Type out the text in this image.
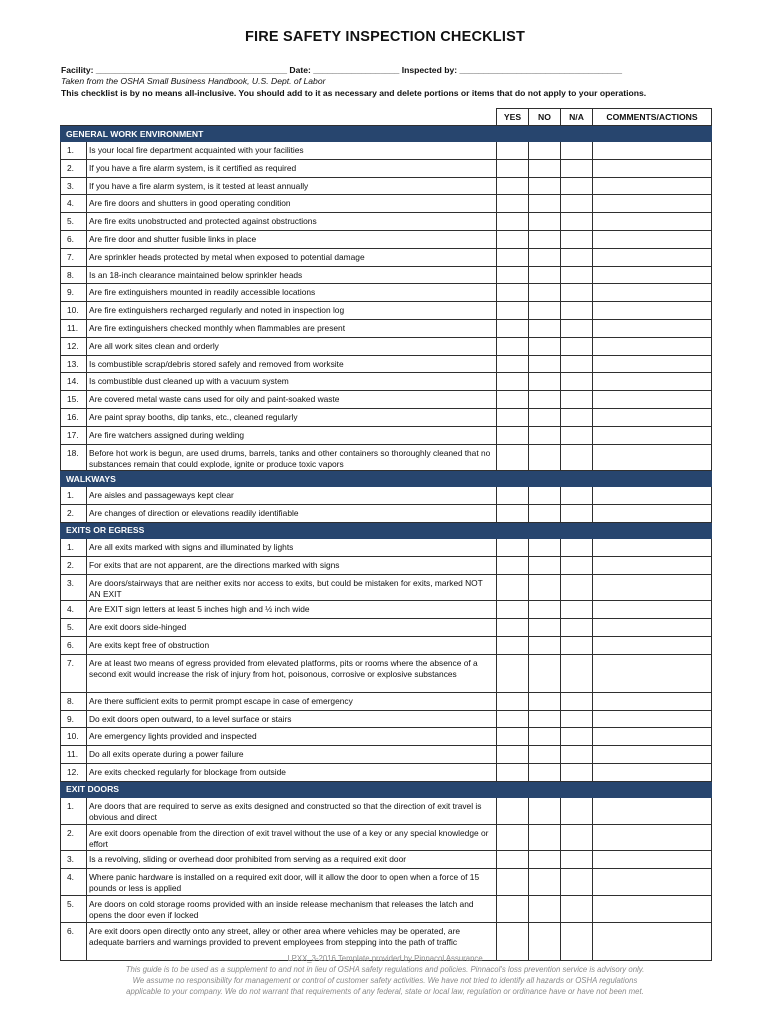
FIRE SAFETY INSPECTION CHECKLIST
Facility: ________________________________________ Date: __________________ Inspected by: __________________________________
Taken from the OSHA Small Business Handbook, U.S. Dept. of Labor
This checklist is by no means all-inclusive. You should add to it as necessary and delete portions or items that do not apply to your operations.
		YES	NO	N/A	COMMENTS/ACTIONS
GENERAL WORK ENVIRONMENT					
1.	Is your local fire department acquainted with your facilities				
2.	If you have a fire alarm system, is it certified as required				
3.	If you have a fire alarm system, is it tested at least annually				
4.	Are fire doors and shutters in good operating condition				
5.	Are fire exits unobstructed and protected against obstructions				
6.	Are fire door and shutter fusible links in place				
7.	Are sprinkler heads protected by metal when exposed to potential damage				
8.	Is an 18-inch clearance maintained below sprinkler heads				
9.	Are fire extinguishers mounted in readily accessible locations				
10.	Are fire extinguishers recharged regularly and noted in inspection log				
11.	Are fire extinguishers checked monthly when flammables are present				
12.	Are all work sites clean and orderly				
13.	Is combustible scrap/debris stored safely and removed from worksite				
14.	Is combustible dust cleaned up with a vacuum system				
15.	Are covered metal waste cans used for oily and paint-soaked waste				
16.	Are paint spray booths, dip tanks, etc., cleaned regularly				
17.	Are fire watchers assigned during welding				
18.	Before hot work is begun, are used drums, barrels, tanks and other containers so thoroughly cleaned that no substances remain that could explode, ignite or produce toxic vapors				
WALKWAYS					
1.	Are aisles and passageways kept clear				
2.	Are changes of direction or elevations readily identifiable				
EXITS OR EGRESS					
1.	Are all exits marked with signs and illuminated by lights				
2.	For exits that are not apparent, are the directions marked with signs				
3.	Are doors/stairways that are neither exits nor access to exits, but could be mistaken for exits, marked NOT AN EXIT				
4.	Are EXIT sign letters at least 5 inches high and ½ inch wide				
5.	Are exit doors side-hinged				
6.	Are exits kept free of obstruction				
7.	Are at least two means of egress provided from elevated platforms, pits or rooms where the absence of a second exit would increase the risk of injury from hot, poisonous, corrosive or explosive substances				
8.	Are there sufficient exits to permit prompt escape in case of emergency				
9.	Do exit doors open outward, to a level surface or stairs				
10.	Are emergency lights provided and inspected				
11.	Do all exits operate during a power failure				
12.	Are exits checked regularly for blockage from outside				
EXIT DOORS					
1.	Are doors that are required to serve as exits designed and constructed so that the direction of exit travel is obvious and direct				
2.	Are exit doors openable from the direction of exit travel without the use of a key or any special knowledge or effort				
3.	Is a revolving, sliding or overhead door prohibited from serving as a required exit door				
4.	Where panic hardware is installed on a required exit door, will it allow the door to open when a force of 15 pounds or less is applied				
5.	Are doors on cold storage rooms provided with an inside release mechanism that releases the latch and opens the door even if locked				
6.	Are exit doors open directly onto any street, alley or other area where vehicles may be operated, are adequate barriers and warnings provided to prevent employees from stepping into the path of traffic				
LPXX_3-2016 Template provided by Pinnacol Assurance
This guide is to be used as a supplement to and not in lieu of OSHA safety regulations and policies. Pinnacol's loss prevention service is advisory only.
We assume no responsibility for management or control of customer safety activities. We have not tried to identify all hazards or OSHA regulations
applicable to your company. We do not warrant that requirements of any federal, state or local law, regulation or ordinance have or have not been met.
